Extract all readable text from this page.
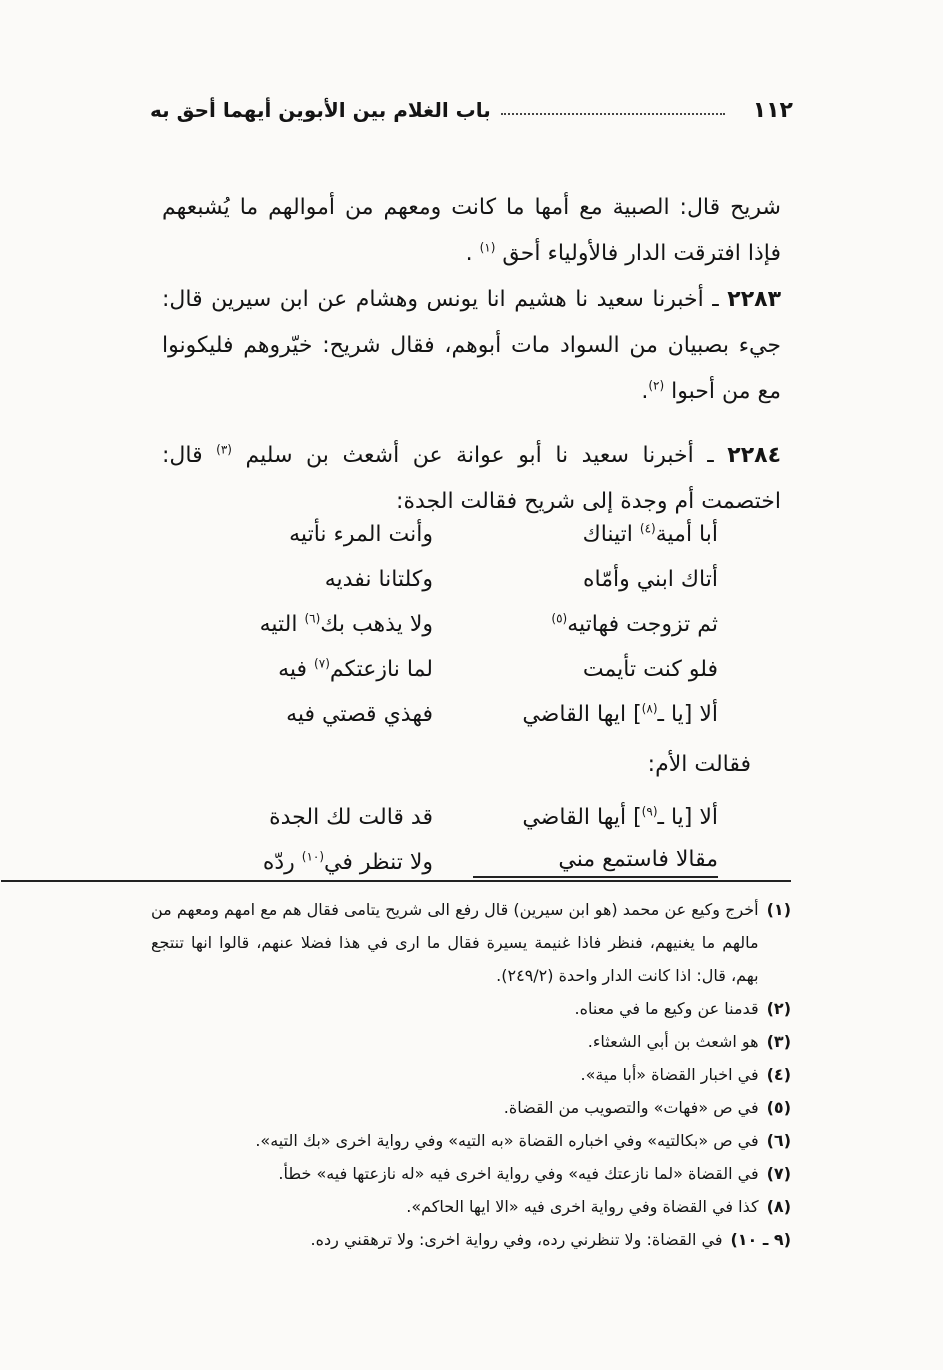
١١٢
باب الغلام بين الأبوين أيهما أحق به

شريح قال: الصبية مع أمها ما كانت ومعهم من أموالهم ما يُشبعهم فإذا افترقت الدار فالأولياء أحق $^{(١)}$ .

٢٢٨٣ ـ أخبرنا سعيد نا هشيم انا يونس وهشام عن ابن سيرين قال: جيء بصبيان من السواد مات أبوهم، فقال شريح: خيّروهم فليكونوا مع من أحبوا $^{(٢)}$.

٢٢٨٤ ـ أخبرنا سعيد نا أبو عوانة عن أشعث بن سليم $^{(٣)}$ قال: اختصمت أم وجدة إلى شريح فقالت الجدة:

أبا أمية$^{(٤)}$ اتيناك
وأنت المرء نأتيه
أتاك ابني وأمّاه
وكلتانا نفديه
ثم تزوجت فهاتيه$^{(٥)}$
ولا يذهب بك$^{(٦)}$ التيه
فلو كنت تأيمت
لما نازعتكم$^{(٧)}$ فيه
ألا [يا ـ$^{(٨)}$] ايها القاضي
فهذي قصتي فيه
فقالت الأم:
ألا [يا ـ$^{(٩)}$] أيها القاضي
قد قالت لك الجدة
مقالا فاستمع مني
ولا تنظر في$^{(١٠)}$ ردّه
(١)
أخرج وكيع عن محمد (هو ابن سيرين) قال رفع الى شريح يتامى فقال هم مع امهم ومعهم من مالهم ما يغنيهم، فنظر فاذا غنيمة يسيرة فقال ما ارى في هذا فضلا عنهم، قالوا انها تنتجع بهم، قال: اذا كانت الدار واحدة (٢٤٩/٢).
(٢)
قدمنا عن وكيع ما في معناه.
(٣)
هو اشعث بن أبي الشعثاء.
(٤)
في اخبار القضاة «أبا مية».
(٥)
في ص «فهات» والتصويب من القضاة.
(٦)
في ص «بكالتيه» وفي اخباره القضاة «به التيه» وفي رواية اخرى «بك التيه».
(٧)
في القضاة «لما نازعتك فيه» وفي رواية اخرى فيه «له نازعتها فيه» خطأ.
(٨)
كذا في القضاة وفي رواية اخرى فيه «الا ايها الحاكم».
(٩ ـ ١٠)
في القضاة: ولا تنظرني رده، وفي رواية اخرى: ولا ترهقني رده.
